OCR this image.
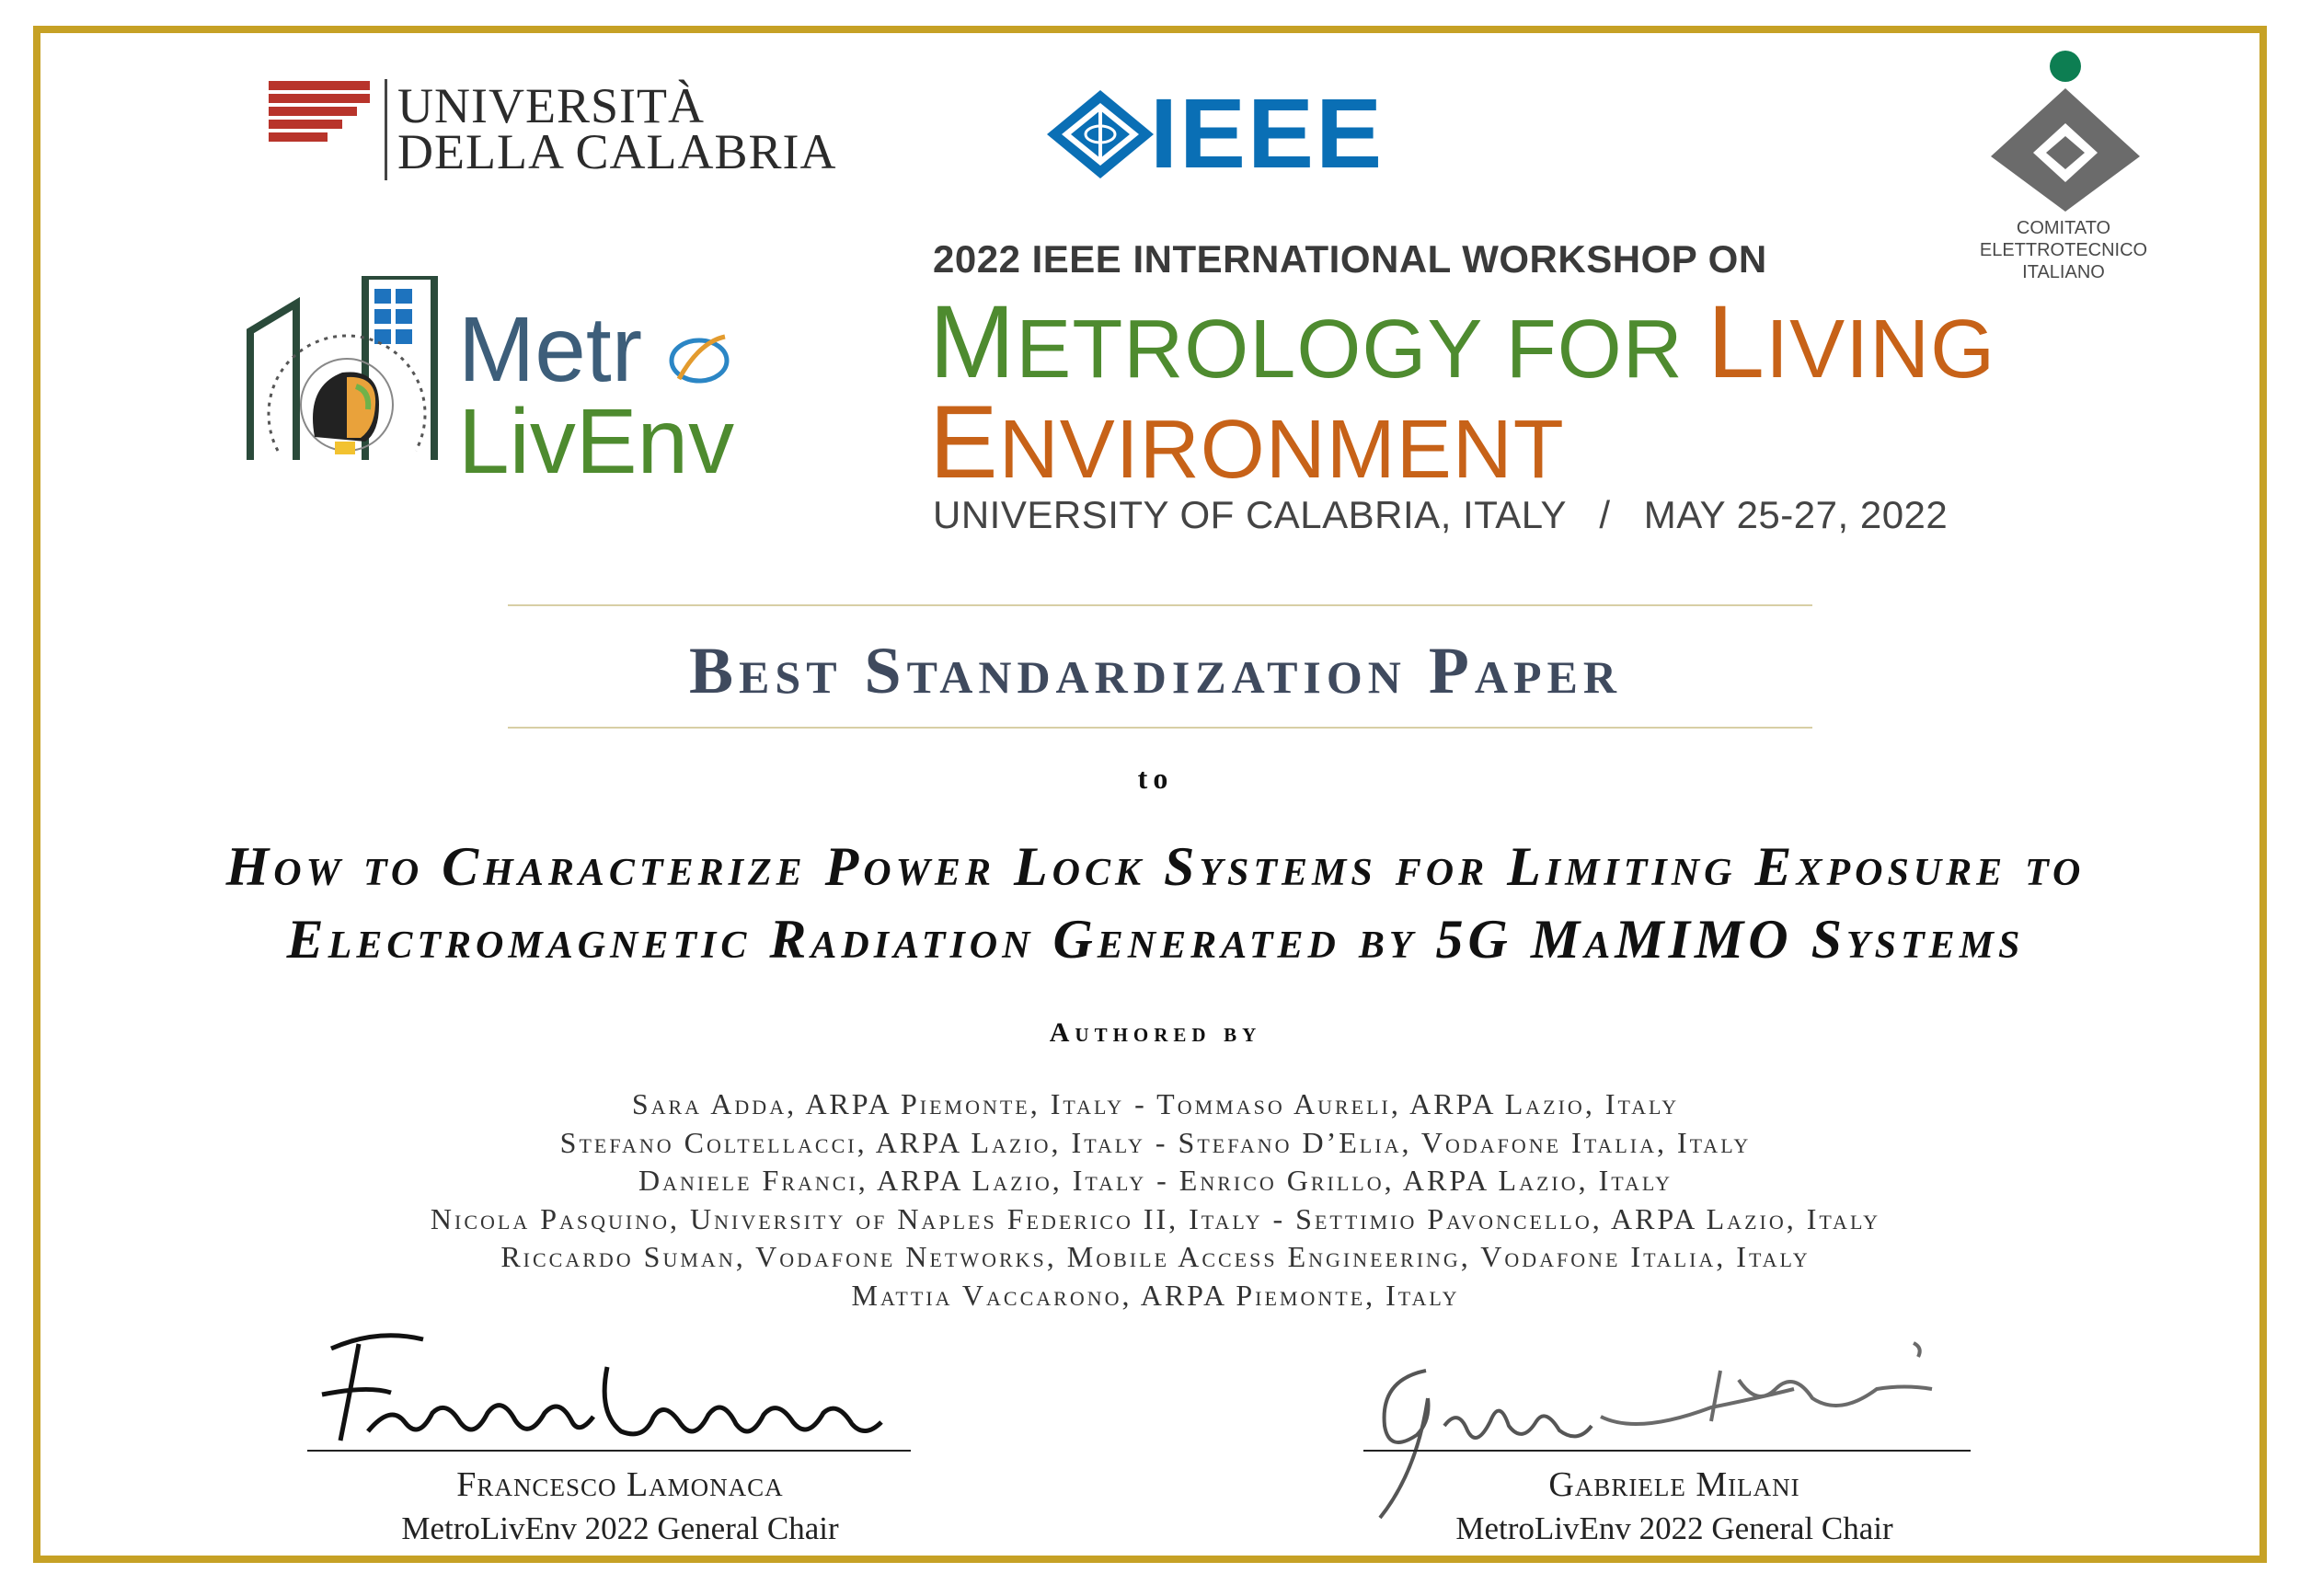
UNIVERSITÀ
DELLA CALABRIA	IEEE
COMITATO
ELETTROTECNICO
ITALIANO
Metr
LivEnv
2022 IEEE INTERNATIONAL WORKSHOP ON
METROLOGY FOR LIVING
ENVIRONMENT
UNIVERSITY OF CALABRIA, ITALY / MAY 25-27, 2022
Best Standardization Paper
to
How to Characterize Power Lock Systems for Limiting Exposure to
Electromagnetic Radiation Generated by 5G MaMIMO Systems
Authored by
Sara Adda, ARPA Piemonte, Italy - Tommaso Aureli, ARPA Lazio, Italy
Stefano Coltellacci, ARPA Lazio, Italy - Stefano D’Elia, Vodafone Italia, Italy
Daniele Franci, ARPA Lazio, Italy - Enrico Grillo, ARPA Lazio, Italy
Nicola Pasquino, University of Naples Federico II, Italy - Settimio Pavoncello, ARPA Lazio, Italy
Riccardo Suman, Vodafone Networks, Mobile Access Engineering, Vodafone Italia, Italy
Mattia Vaccarono, ARPA Piemonte, Italy
Francesco Lamonaca
MetroLivEnv 2022 General Chair
Gabriele Milani
MetroLivEnv 2022 General Chair
